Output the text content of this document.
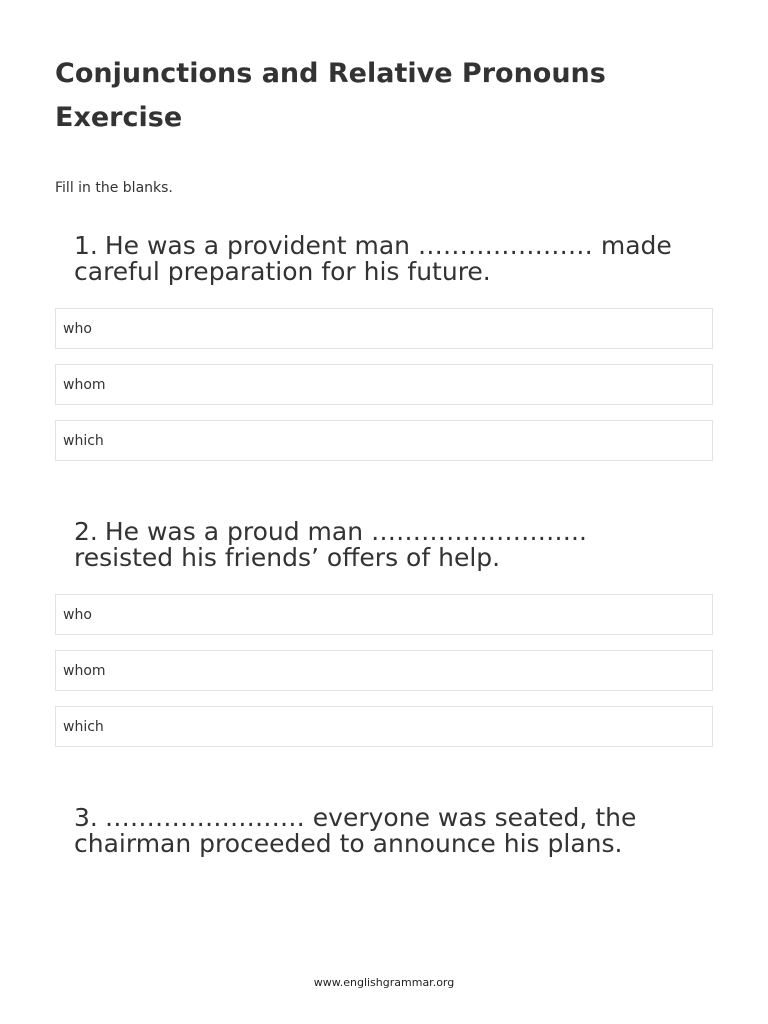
Conjunctions and Relative Pronouns Exercise

Fill in the blanks.

1. He was a provident man ………………… made careful preparation for his future.
who
whom
which
2. He was a proud man …………………….. resisted his friends’ offers of help.
who
whom
which
3. …………………… everyone was seated, the chairman proceeded to announce his plans.
www.englishgrammar.org
